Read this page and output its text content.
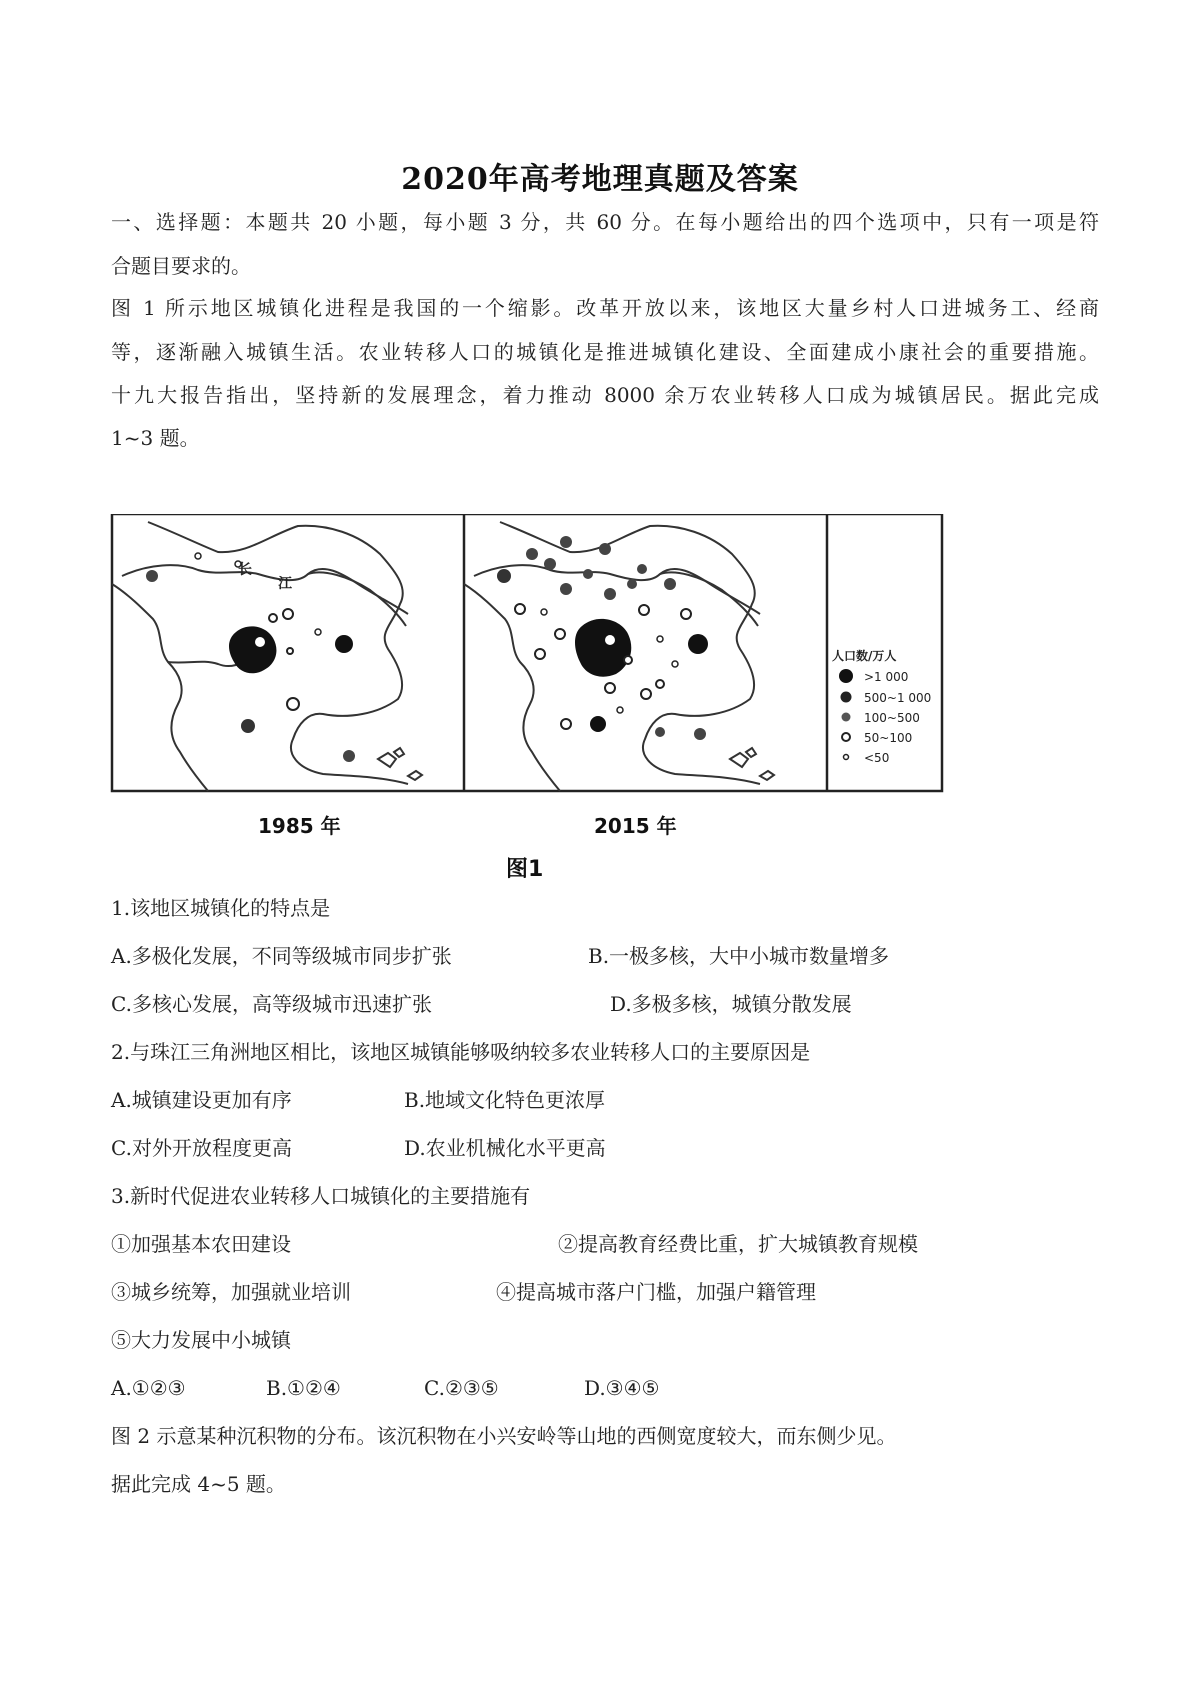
2020年高考地理真题及答案
一、选择题：本题共 20 小题，每小题 3 分，共 60 分。在每小题给出的四个选项中，只有一项是符
合题目要求的。
图 1 所示地区城镇化进程是我国的一个缩影。改革开放以来，该地区大量乡村人口进城务工、经商
等，逐渐融入城镇生活。农业转移人口的城镇化是推进城镇化建设、全面建成小康社会的重要措施。
十九大报告指出，坚持新的发展理念，着力推动 8000 余万农业转移人口成为城镇居民。据此完成
1~3 题。
长
江
人口数/万人
>1 000
500~1 000
100~500
50~100
<50
1985 年	2015 年
图1
1.该地区城镇化的特点是
A.多极化发展，不同等级城市同步扩张	B.一极多核，大中小城市数量增多
C.多核心发展，高等级城市迅速扩张	D.多极多核，城镇分散发展
2.与珠江三角洲地区相比，该地区城镇能够吸纳较多农业转移人口的主要原因是
A.城镇建设更加有序	B.地域文化特色更浓厚
C.对外开放程度更高	D.农业机械化水平更高
3.新时代促进农业转移人口城镇化的主要措施有
①加强基本农田建设	②提高教育经费比重，扩大城镇教育规模
③城乡统筹，加强就业培训	④提高城市落户门槛，加强户籍管理
⑤大力发展中小城镇
A.①②③	B.①②④	C.②③⑤	D.③④⑤
图 2 示意某种沉积物的分布。该沉积物在小兴安岭等山地的西侧宽度较大，而东侧少见。
据此完成 4~5 题。
